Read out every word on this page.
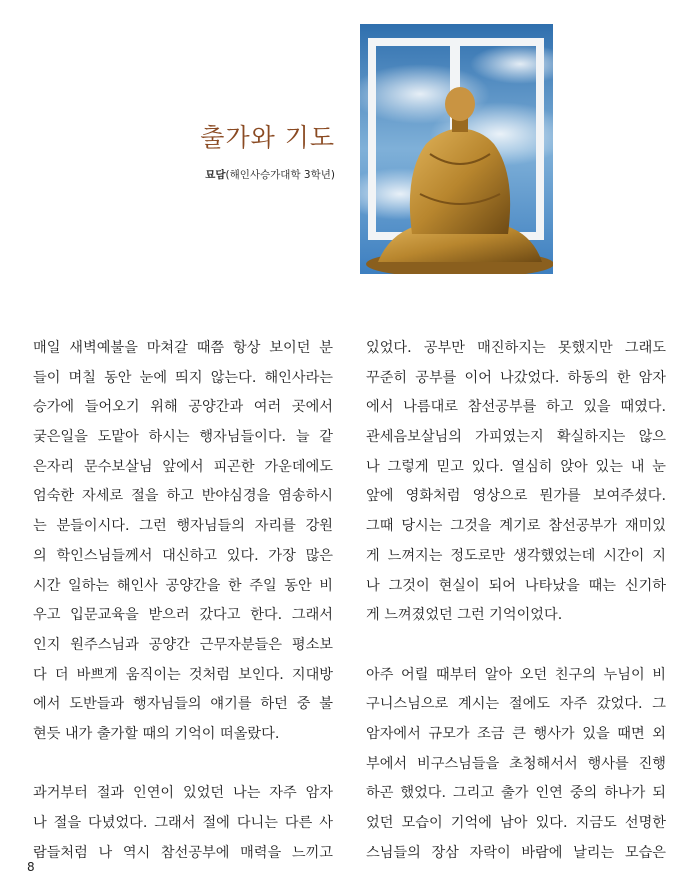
출가와 기도
묘담(해인사승가대학 3학년)
매일 새벽예불을 마쳐갈 때쯤 항상 보이던 분
들이 며칠 동안 눈에 띄지 않는다. 해인사라는
승가에 들어오기 위해 공양간과 여러 곳에서
궂은일을 도맡아 하시는 행자님들이다. 늘 같
은자리 문수보살님 앞에서 피곤한 가운데에도
엄숙한 자세로 절을 하고 반야심경을 염송하시
는 분들이시다. 그런 행자님들의 자리를 강원
의 학인스님들께서 대신하고 있다. 가장 많은
시간 일하는 해인사 공양간을 한 주일 동안 비
우고 입문교육을 받으러 갔다고 한다. 그래서
인지 원주스님과 공양간 근무자분들은 평소보
다 더 바쁘게 움직이는 것처럼 보인다. 지대방
에서 도반들과 행자님들의 얘기를 하던 중 불
현듯 내가 출가할 때의 기억이 떠올랐다.
과거부터 절과 인연이 있었던 나는 자주 암자
나 절을 다녔었다. 그래서 절에 다니는 다른 사
람들처럼 나 역시 참선공부에 매력을 느끼고
있었다. 공부만 매진하지는 못했지만 그래도
꾸준히 공부를 이어 나갔었다. 하동의 한 암자
에서 나름대로 참선공부를 하고 있을 때였다.
관세음보살님의 가피였는지 확실하지는 않으
나 그렇게 믿고 있다. 열심히 앉아 있는 내 눈
앞에 영화처럼 영상으로 뭔가를 보여주셨다.
그때 당시는 그것을 계기로 참선공부가 재미있
게 느껴지는 정도로만 생각했었는데 시간이 지
나 그것이 현실이 되어 나타났을 때는 신기하
게 느껴졌었던 그런 기억이었다.
아주 어릴 때부터 알아 오던 친구의 누님이 비
구니스님으로 계시는 절에도 자주 갔었다. 그
암자에서 규모가 조금 큰 행사가 있을 때면 외
부에서 비구스님들을 초청해서서 행사를 진행
하곤 했었다. 그리고 출가 인연 중의 하나가 되
었던 모습이 기억에 남아 있다. 지금도 선명한
스님들의 장삼 자락이 바람에 날리는 모습은
8
